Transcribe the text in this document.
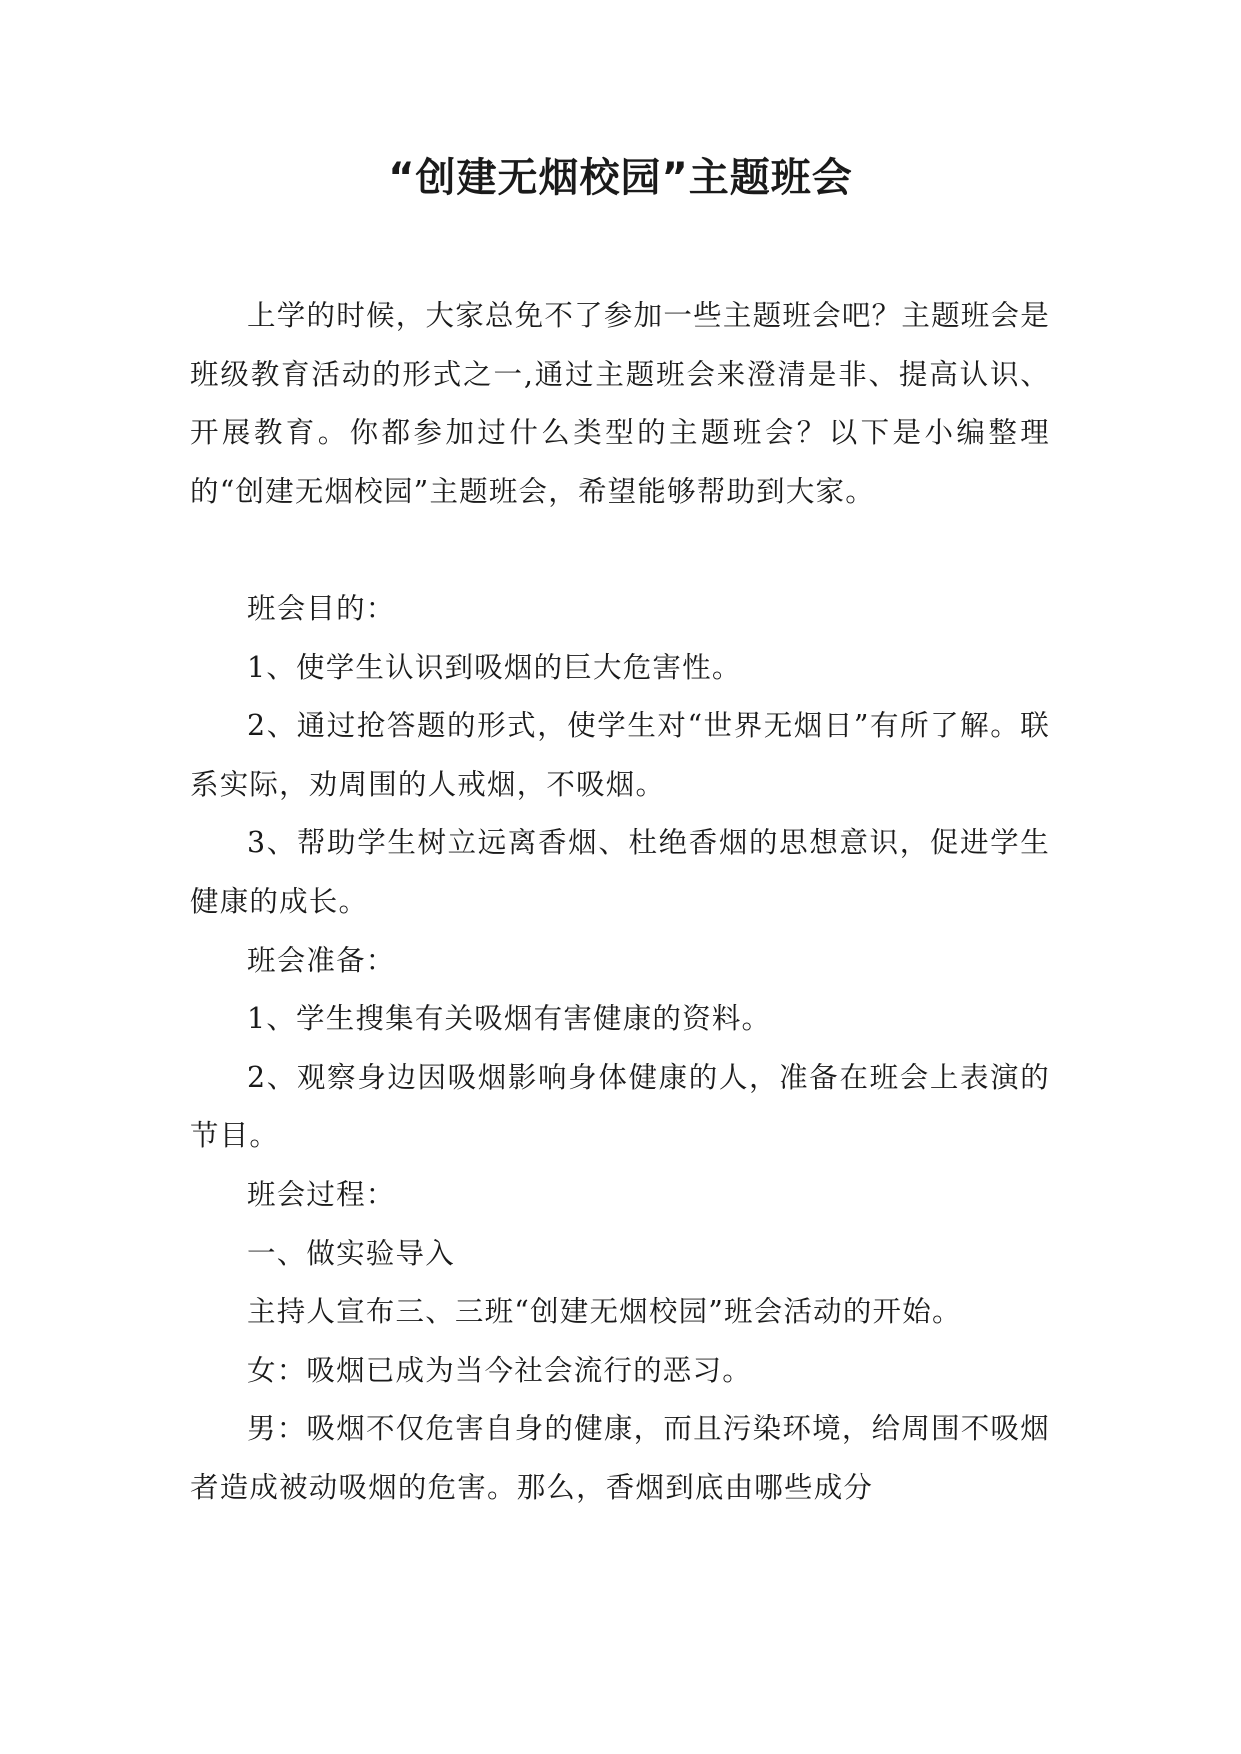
“创建无烟校园”主题班会

上学的时候，大家总免不了参加一些主题班会吧？主题班会是班级教育活动的形式之一,通过主题班会来澄清是非、提高认识、开展教育。你都参加过什么类型的主题班会？以下是小编整理的“创建无烟校园”主题班会，希望能够帮助到大家。

班会目的：

1、使学生认识到吸烟的巨大危害性。

2、通过抢答题的形式，使学生对“世界无烟日”有所了解。联系实际，劝周围的人戒烟，不吸烟。

3、帮助学生树立远离香烟、杜绝香烟的思想意识，促进学生健康的成长。

班会准备：

1、学生搜集有关吸烟有害健康的资料。

2、观察身边因吸烟影响身体健康的人，准备在班会上表演的节目。

班会过程：

一、做实验导入

主持人宣布三、三班“创建无烟校园”班会活动的开始。

女：吸烟已成为当今社会流行的恶习。

男：吸烟不仅危害自身的健康，而且污染环境，给周围不吸烟者造成被动吸烟的危害。那么，香烟到底由哪些成分
